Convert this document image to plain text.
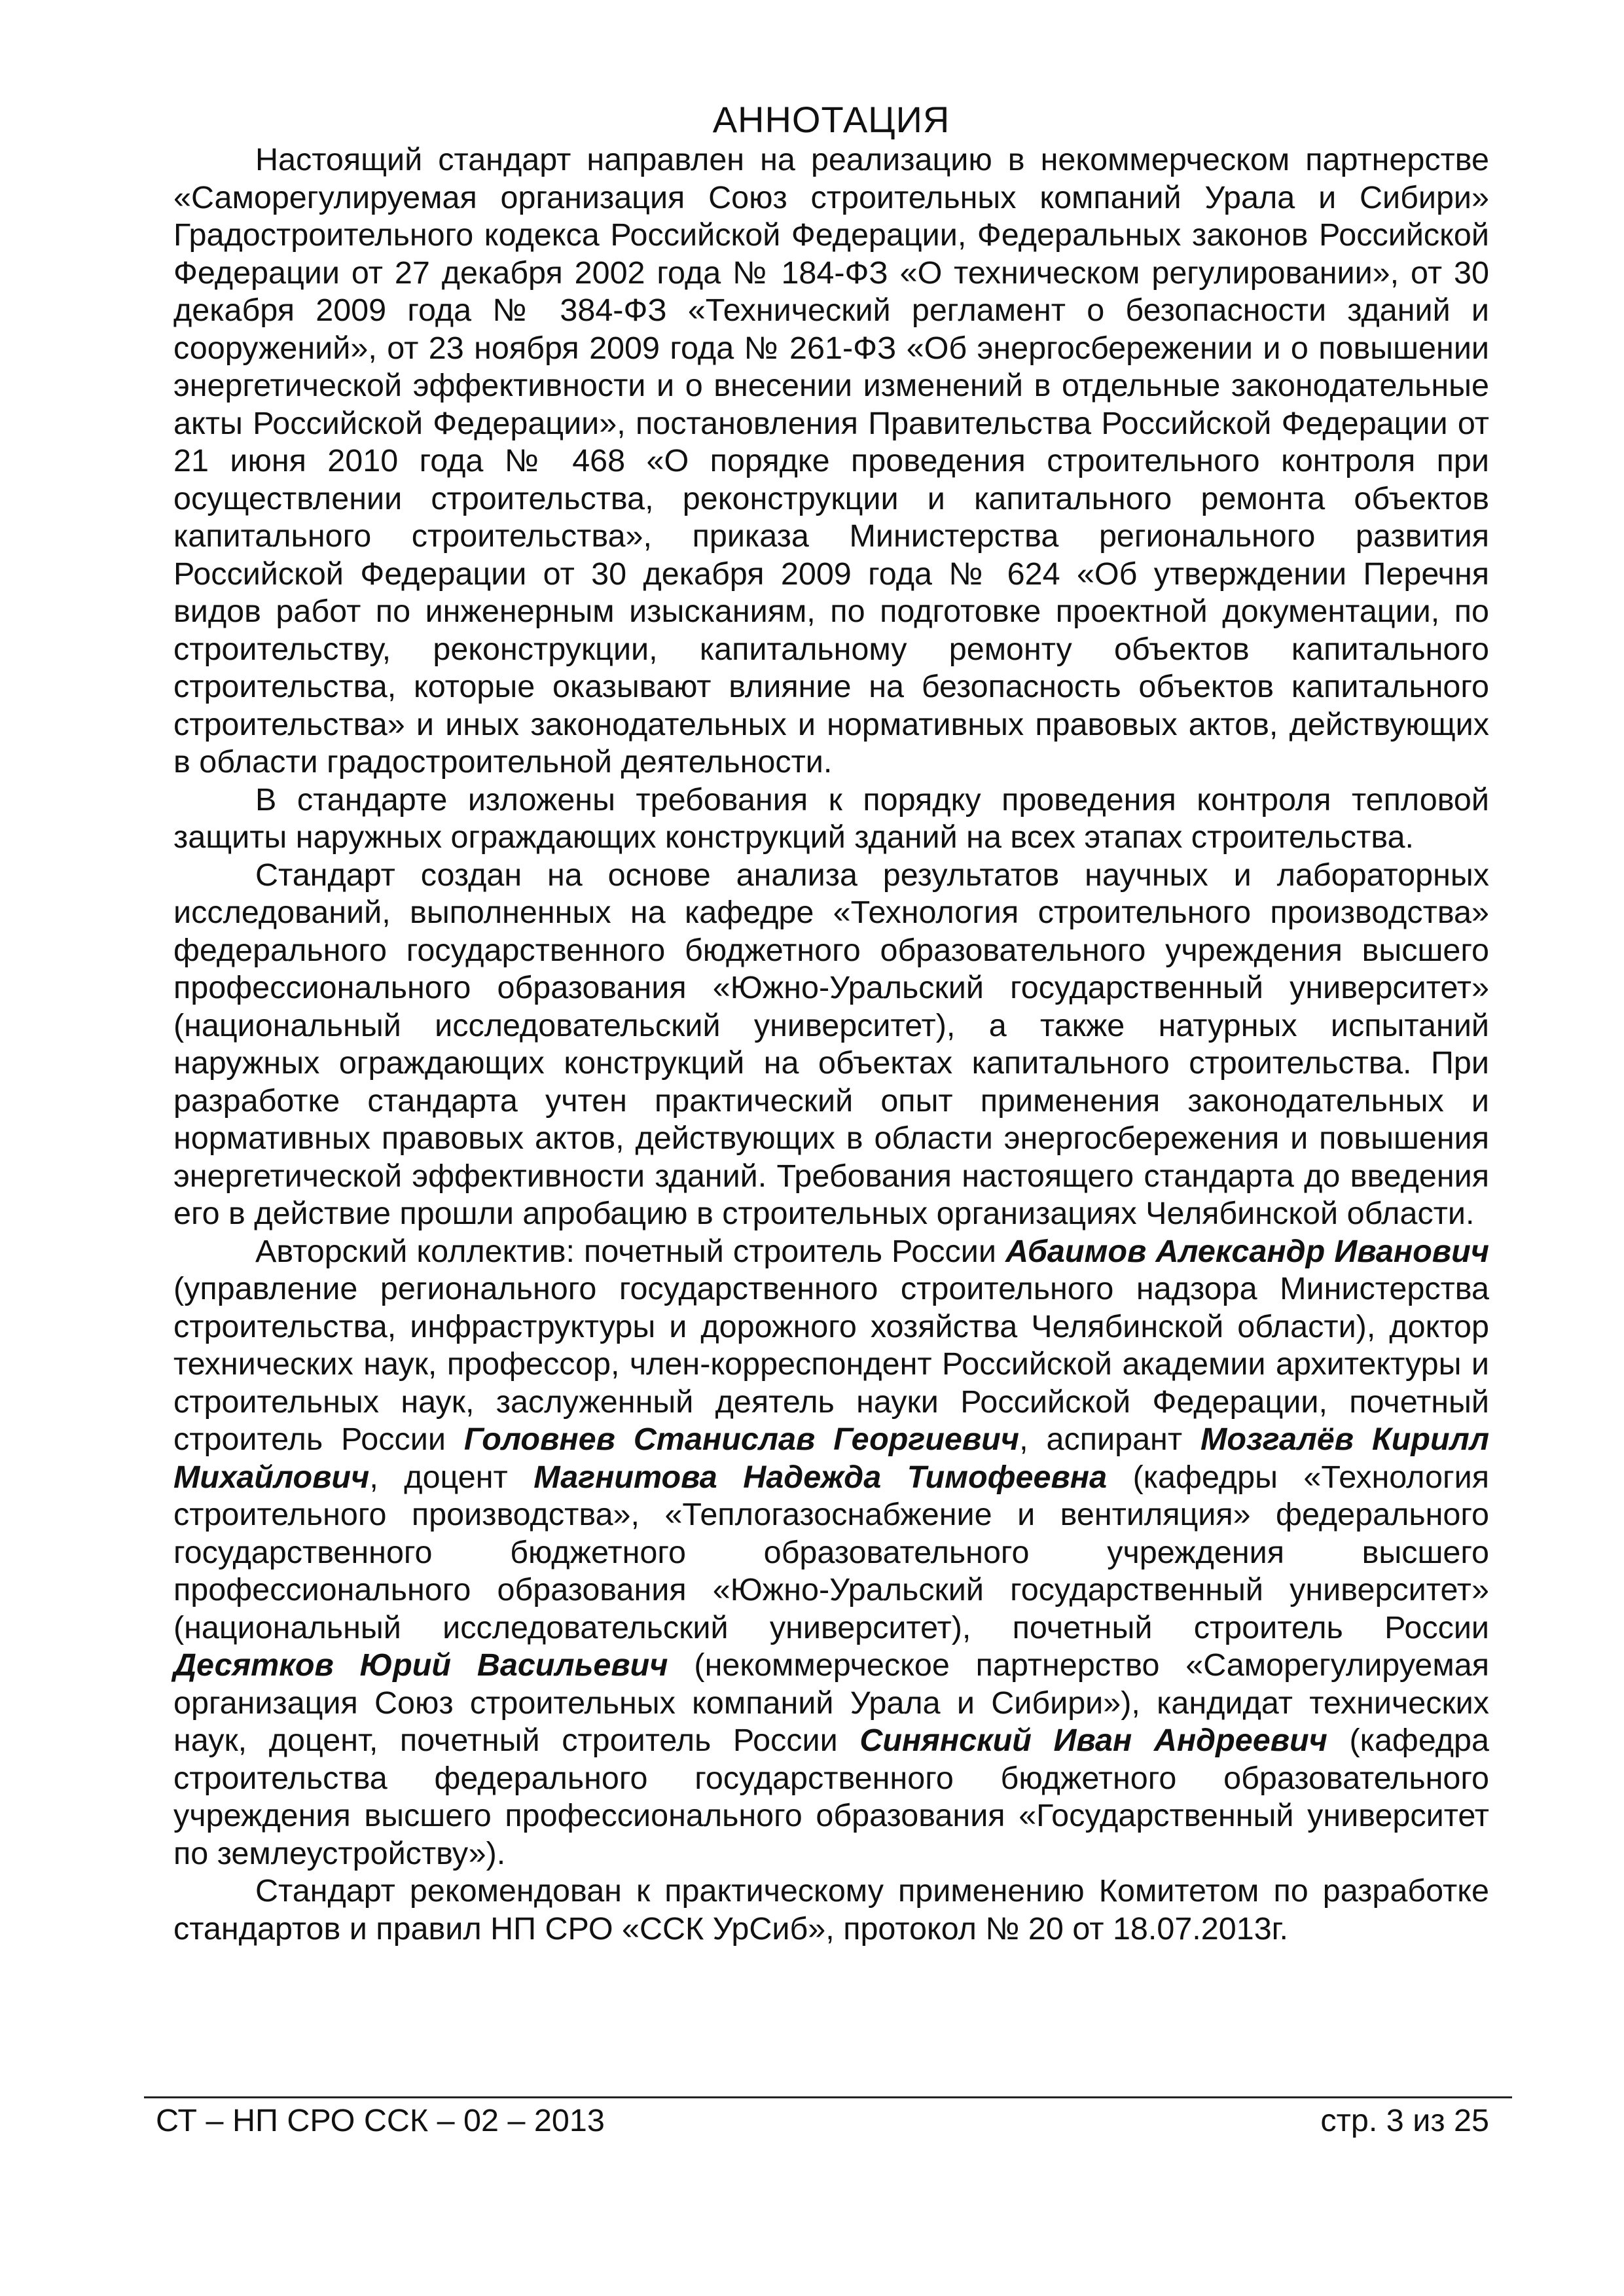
АННОТАЦИЯ

Настоящий стандарт направлен на реализацию в некоммерческом партнерстве «Саморегулируемая организация Союз строительных компаний Урала и Сибири» Градостроительного кодекса Российской Федерации, Федеральных законов Российской Федерации от 27 декабря 2002 года № 184-ФЗ «О техническом регулировании», от 30 декабря 2009 года № 384-ФЗ «Технический регламент о безопасности зданий и сооружений», от 23 ноября 2009 года № 261-ФЗ «Об энергосбережении и о повышении энергетической эффективности и о внесении изменений в отдельные законодательные акты Российской Федерации», постановления Правительства Российской Федерации от 21 июня 2010 года № 468 «О порядке проведения строительного контроля при осуществлении строительства, реконструкции и капитального ремонта объектов капитального строительства», приказа Министерства регионального развития Российской Федерации от 30 декабря 2009 года № 624 «Об утверждении Перечня видов работ по инженерным изысканиям, по подготовке проектной документации, по строительству, реконструкции, капитальному ремонту объектов капитального строительства, которые оказывают влияние на безопасность объектов капитального строительства» и иных законодательных и нормативных правовых актов, действующих в области градостроительной деятельности.

В стандарте изложены требования к порядку проведения контроля тепловой защиты наружных ограждающих конструкций зданий на всех этапах строительства.

Стандарт создан на основе анализа результатов научных и лабораторных исследований, выполненных на кафедре «Технология строительного производства» федерального государственного бюджетного образовательного учреждения высшего профессионального образования «Южно-Уральский государственный университет» (национальный исследовательский университет), а также натурных испытаний наружных ограждающих конструкций на объектах капитального строительства. При разработке стандарта учтен практический опыт применения законодательных и нормативных правовых актов, действующих в области энергосбережения и повышения энергетической эффективности зданий. Требования настоящего стандарта до введения его в действие прошли апробацию в строительных организациях Челябинской области.

Авторский коллектив: почетный строитель России Абаимов Александр Иванович (управление регионального государственного строительного надзора Министерства строительства, инфраструктуры и дорожного хозяйства Челябинской области), доктор технических наук, профессор, член-корреспондент Российской академии архитектуры и строительных наук, заслуженный деятель науки Российской Федерации, почетный строитель России Головнев Станислав Георгиевич, аспирант Мозгалёв Кирилл Михайлович, доцент Магнитова Надежда Тимофеевна (кафедры «Технология строительного производства», «Теплогазоснабжение и вентиляция» федерального государственного бюджетного образовательного учреждения высшего профессионального образования «Южно-Уральский государственный университет» (национальный исследовательский университет), почетный строитель России Десятков Юрий Васильевич (некоммерческое партнерство «Саморегулируемая организация Союз строительных компаний Урала и Сибири»), кандидат технических наук, доцент, почетный строитель России Синянский Иван Андреевич (кафедра строительства федерального государственного бюджетного образовательного учреждения высшего профессионального образования «Государственный университет по землеустройству»).

Стандарт рекомендован к практическому применению Комитетом по разработке стандартов и правил НП СРО «ССК УрСиб», протокол № 20 от 18.07.2013г.

СТ – НП СРО ССК – 02 – 2013	стр. 3 из 25
